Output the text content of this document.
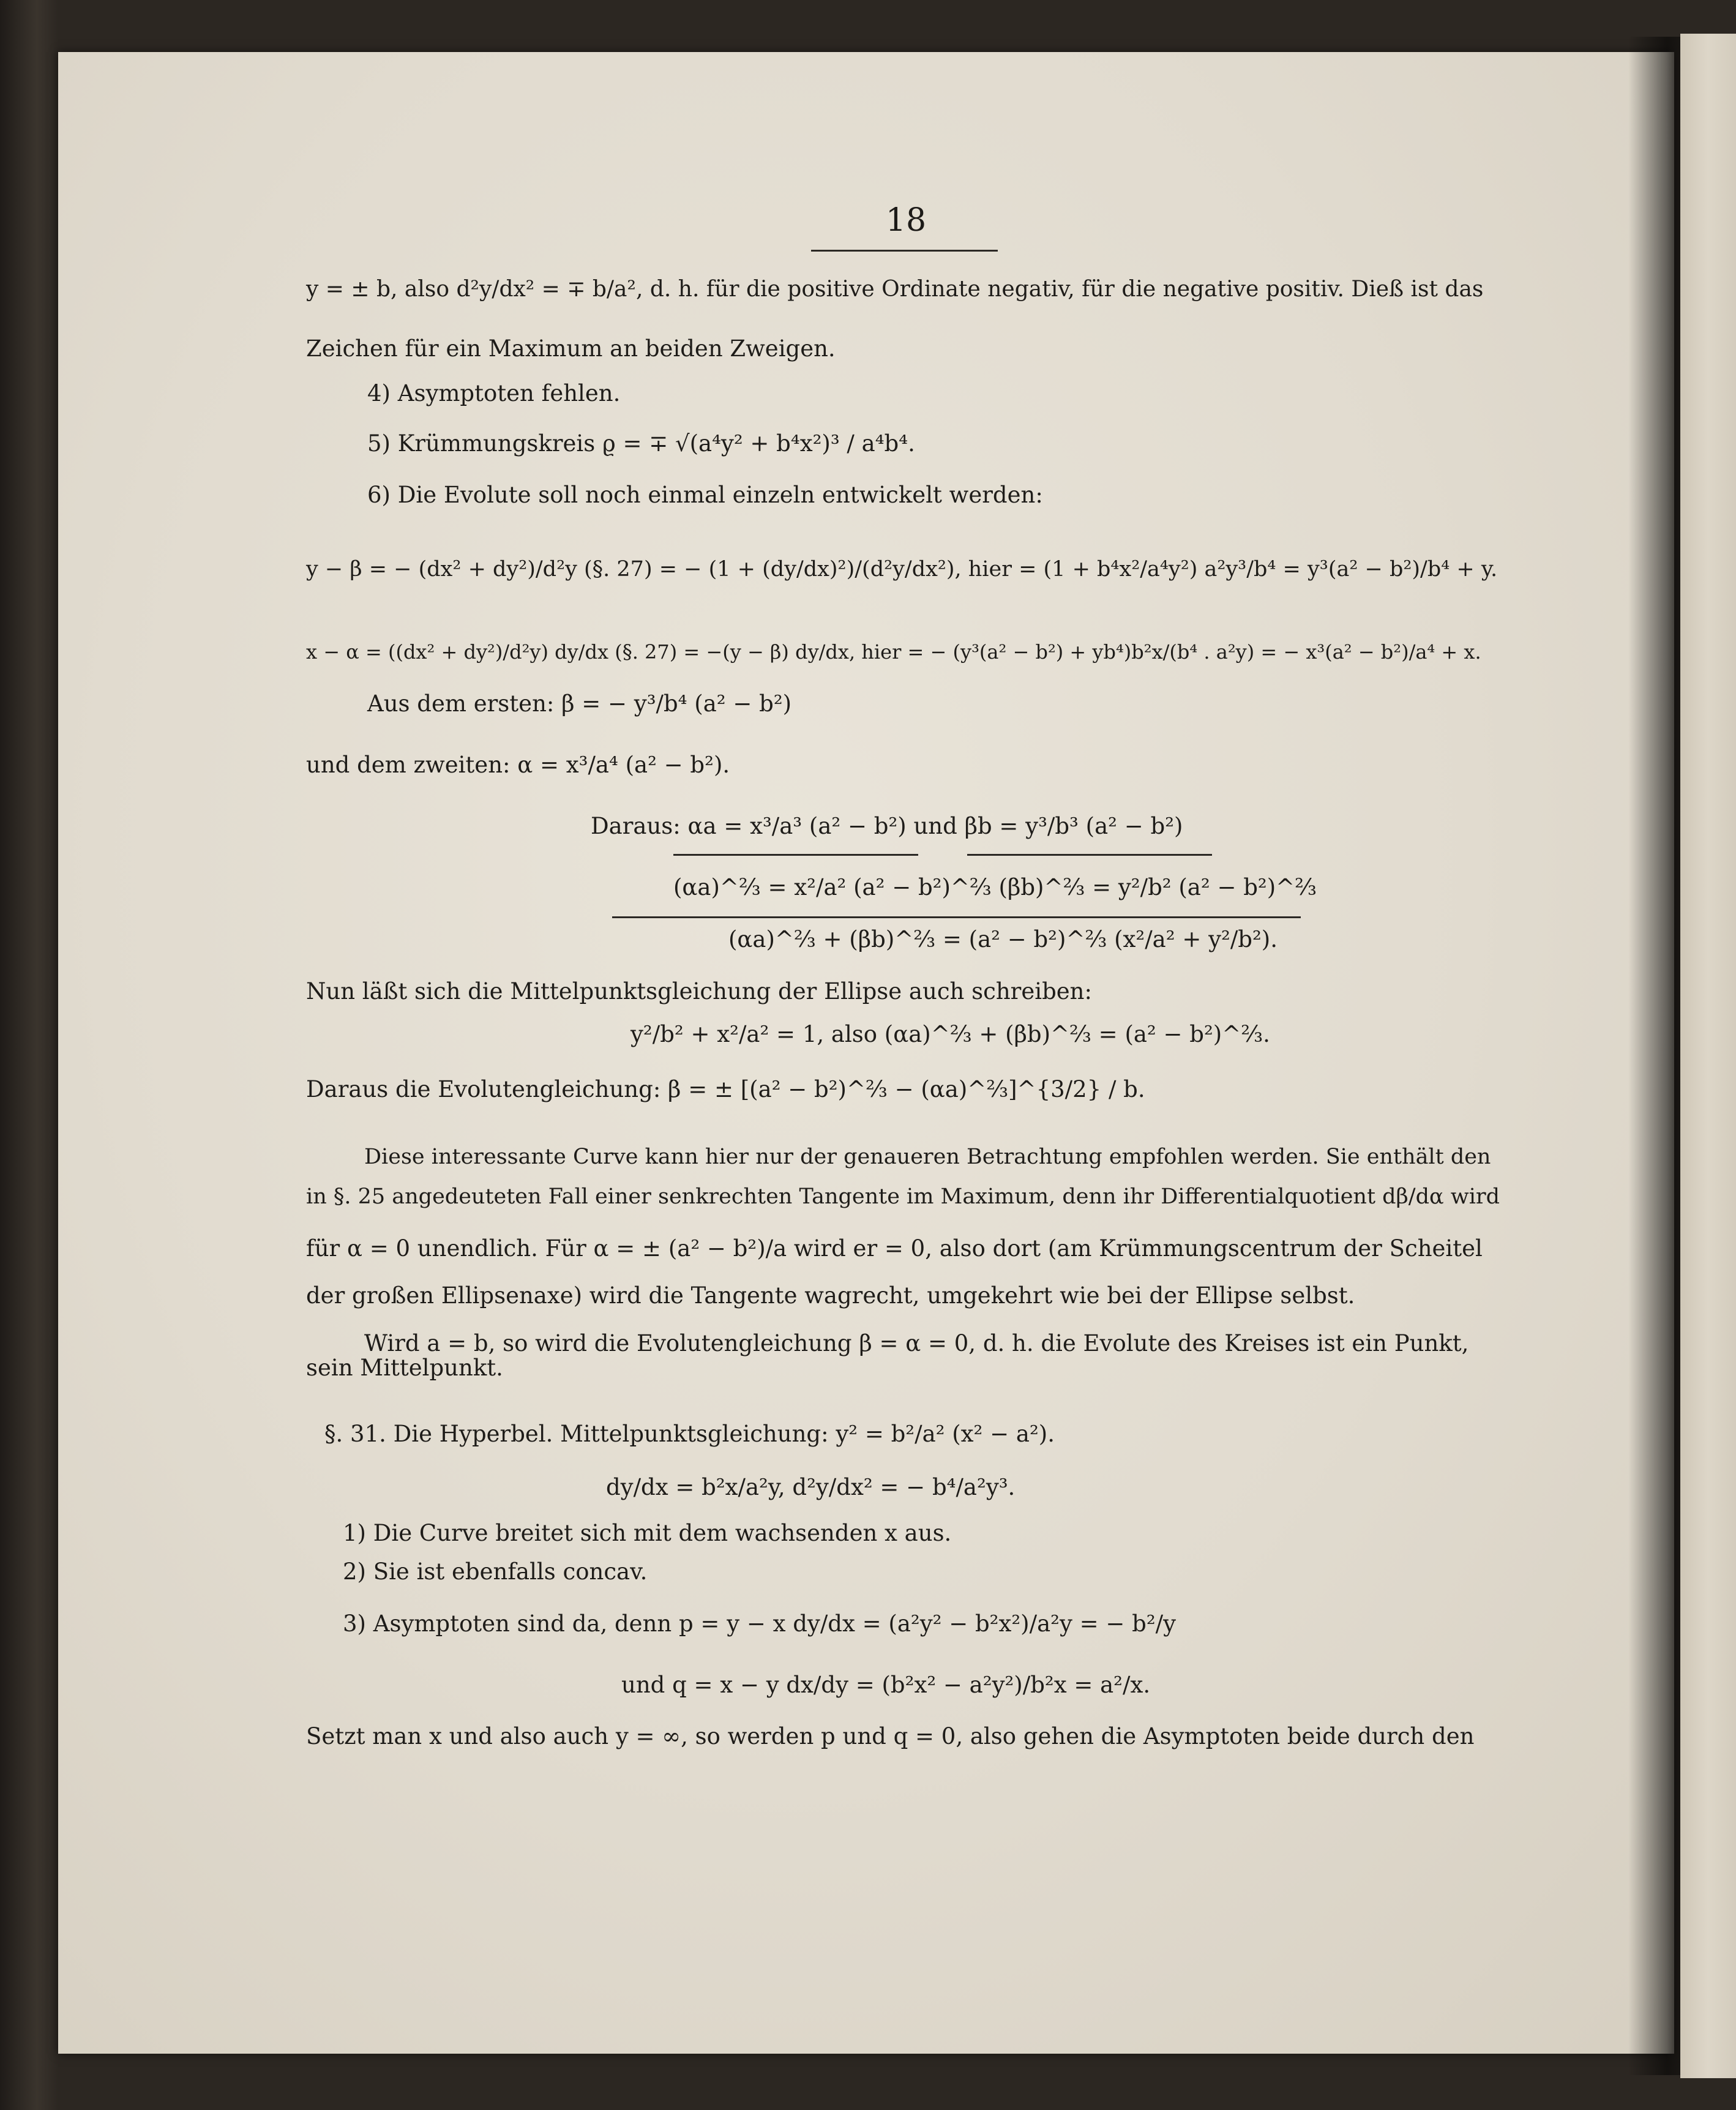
18
y = ± b, also d²y/dx² = ∓ b/a², d. h. für die positive Ordinate negativ, für die negative positiv. Dieß ist das
Zeichen für ein Maximum an beiden Zweigen.
4) Asymptoten fehlen.
5) Krümmungskreis ϱ = ∓ √(a⁴y² + b⁴x²)³ / a⁴b⁴.
6) Die Evolute soll noch einmal einzeln entwickelt werden:
y − β = − (dx² + dy²)/d²y (§. 27) = − (1 + (dy/dx)²)/(d²y/dx²), hier = (1 + b⁴x²/a⁴y²) a²y³/b⁴ = y³(a² − b²)/b⁴ + y.
x − α = ((dx² + dy²)/d²y) dy/dx (§. 27) = −(y − β) dy/dx, hier = − (y³(a² − b²) + yb⁴)b²x/(b⁴ . a²y) = − x³(a² − b²)/a⁴ + x.
Aus dem ersten: β = − y³/b⁴ (a² − b²)
und dem zweiten: α = x³/a⁴ (a² − b²).
Daraus: αa = x³/a³ (a² − b²) und βb = y³/b³ (a² − b²)
(αa)^⅔ = x²/a² (a² − b²)^⅔ (βb)^⅔ = y²/b² (a² − b²)^⅔
(αa)^⅔ + (βb)^⅔ = (a² − b²)^⅔ (x²/a² + y²/b²).
Nun läßt sich die Mittelpunktsgleichung der Ellipse auch schreiben:
y²/b² + x²/a² = 1, also (αa)^⅔ + (βb)^⅔ = (a² − b²)^⅔.
Daraus die Evolutengleichung: β = ± [(a² − b²)^⅔ − (αa)^⅔]^{3/2} / b.
Diese interessante Curve kann hier nur der genaueren Betrachtung empfohlen werden. Sie enthält den
in §. 25 angedeuteten Fall einer senkrechten Tangente im Maximum, denn ihr Differentialquotient dβ/dα wird
für α = 0 unendlich. Für α = ± (a² − b²)/a wird er = 0, also dort (am Krümmungscentrum der Scheitel
der großen Ellipsenaxe) wird die Tangente wagrecht, umgekehrt wie bei der Ellipse selbst.
Wird a = b, so wird die Evolutengleichung β = α = 0, d. h. die Evolute des Kreises ist ein Punkt,
sein Mittelpunkt.
§. 31. Die Hyperbel. Mittelpunktsgleichung: y² = b²/a² (x² − a²).
dy/dx = b²x/a²y, d²y/dx² = − b⁴/a²y³.
1) Die Curve breitet sich mit dem wachsenden x aus.
2) Sie ist ebenfalls concav.
3) Asymptoten sind da, denn p = y − x dy/dx = (a²y² − b²x²)/a²y = − b²/y
und q = x − y dx/dy = (b²x² − a²y²)/b²x = a²/x.
Setzt man x und also auch y = ∞, so werden p und q = 0, also gehen die Asymptoten beide durch den
